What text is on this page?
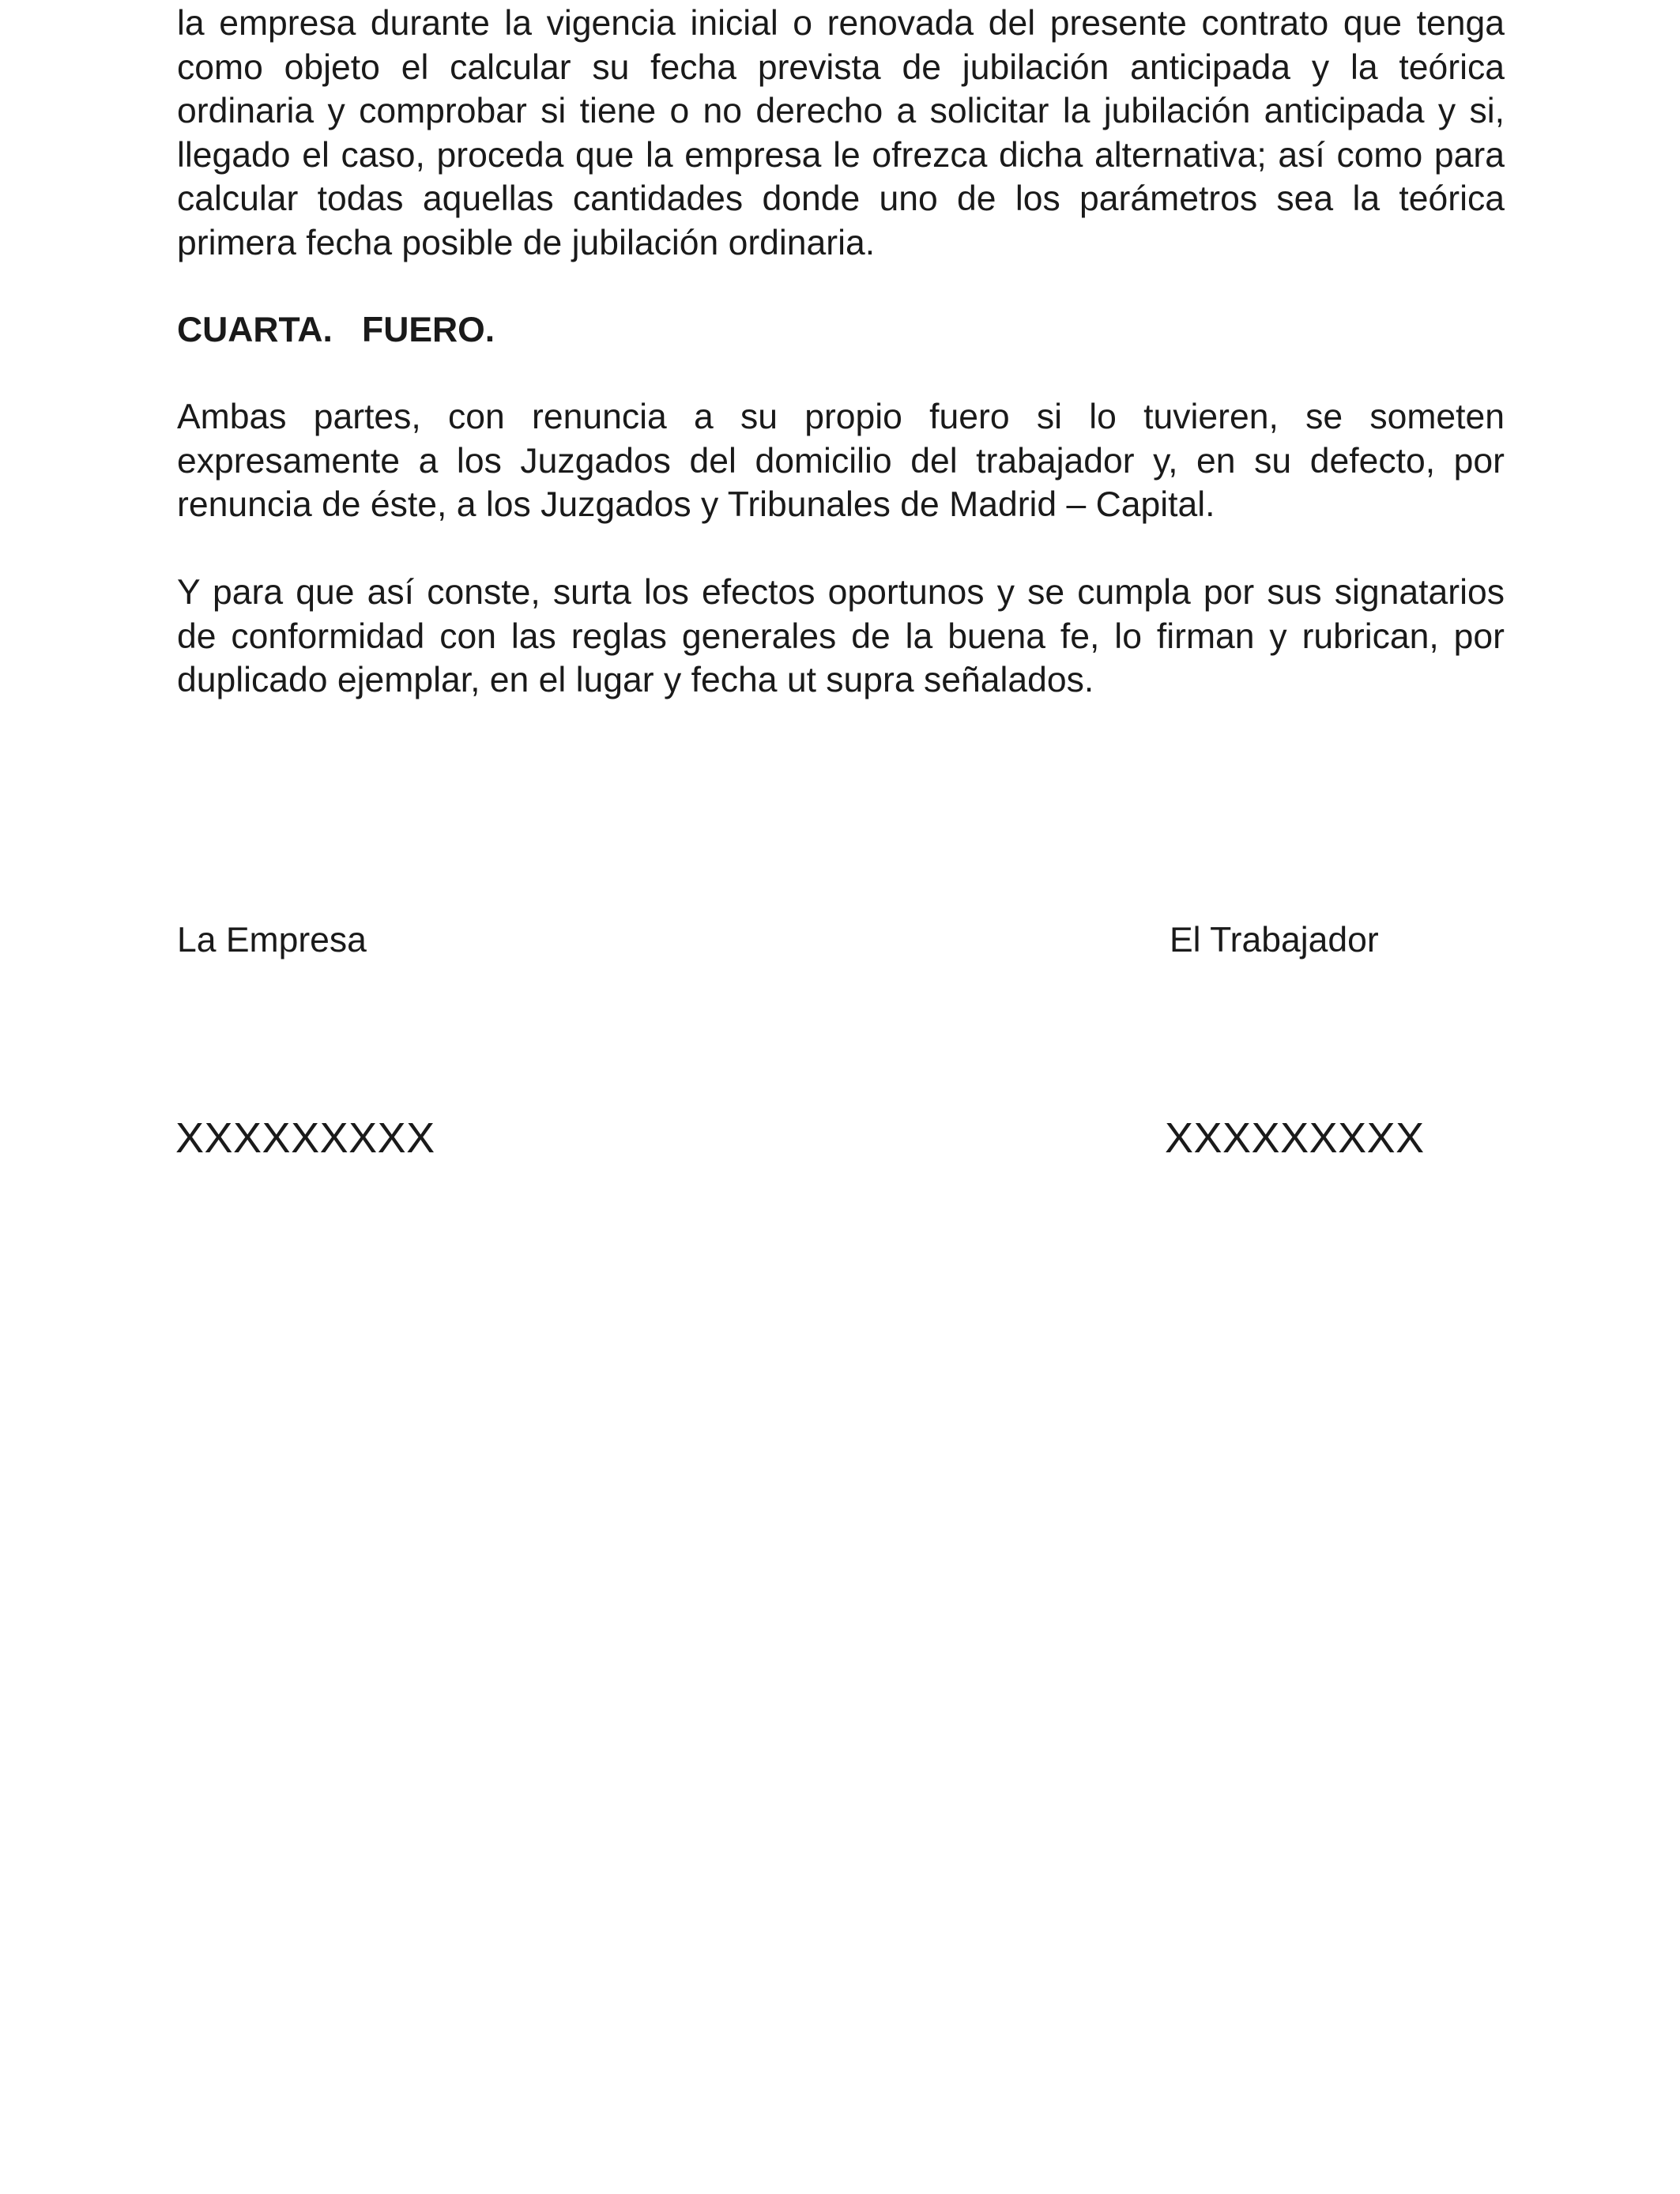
la empresa durante la vigencia inicial o renovada del presente contrato que tenga como objeto el calcular su fecha prevista de jubilación anticipada y la teórica ordinaria y comprobar si tiene o no derecho a solicitar la jubilación anticipada y si, llegado el caso, proceda que la empresa le ofrezca dicha alternativa; así como para calcular todas aquellas cantidades donde uno de los parámetros sea la teórica primera fecha posible de jubilación ordinaria.

CUARTA.   FUERO.

Ambas partes, con renuncia a su propio fuero si lo tuvieren, se someten expresamente a los Juzgados del domicilio del trabajador y, en su defecto, por renuncia de éste, a los Juzgados y Tribunales de Madrid – Capital.

Y para que así conste, surta los efectos oportunos y se cumpla por sus signatarios de conformidad con las reglas generales de la buena fe, lo firman y rubrican, por duplicado ejemplar, en el lugar y fecha ut supra señalados.

La Empresa	El Trabajador

XXXXXXXXX	XXXXXXXXX
